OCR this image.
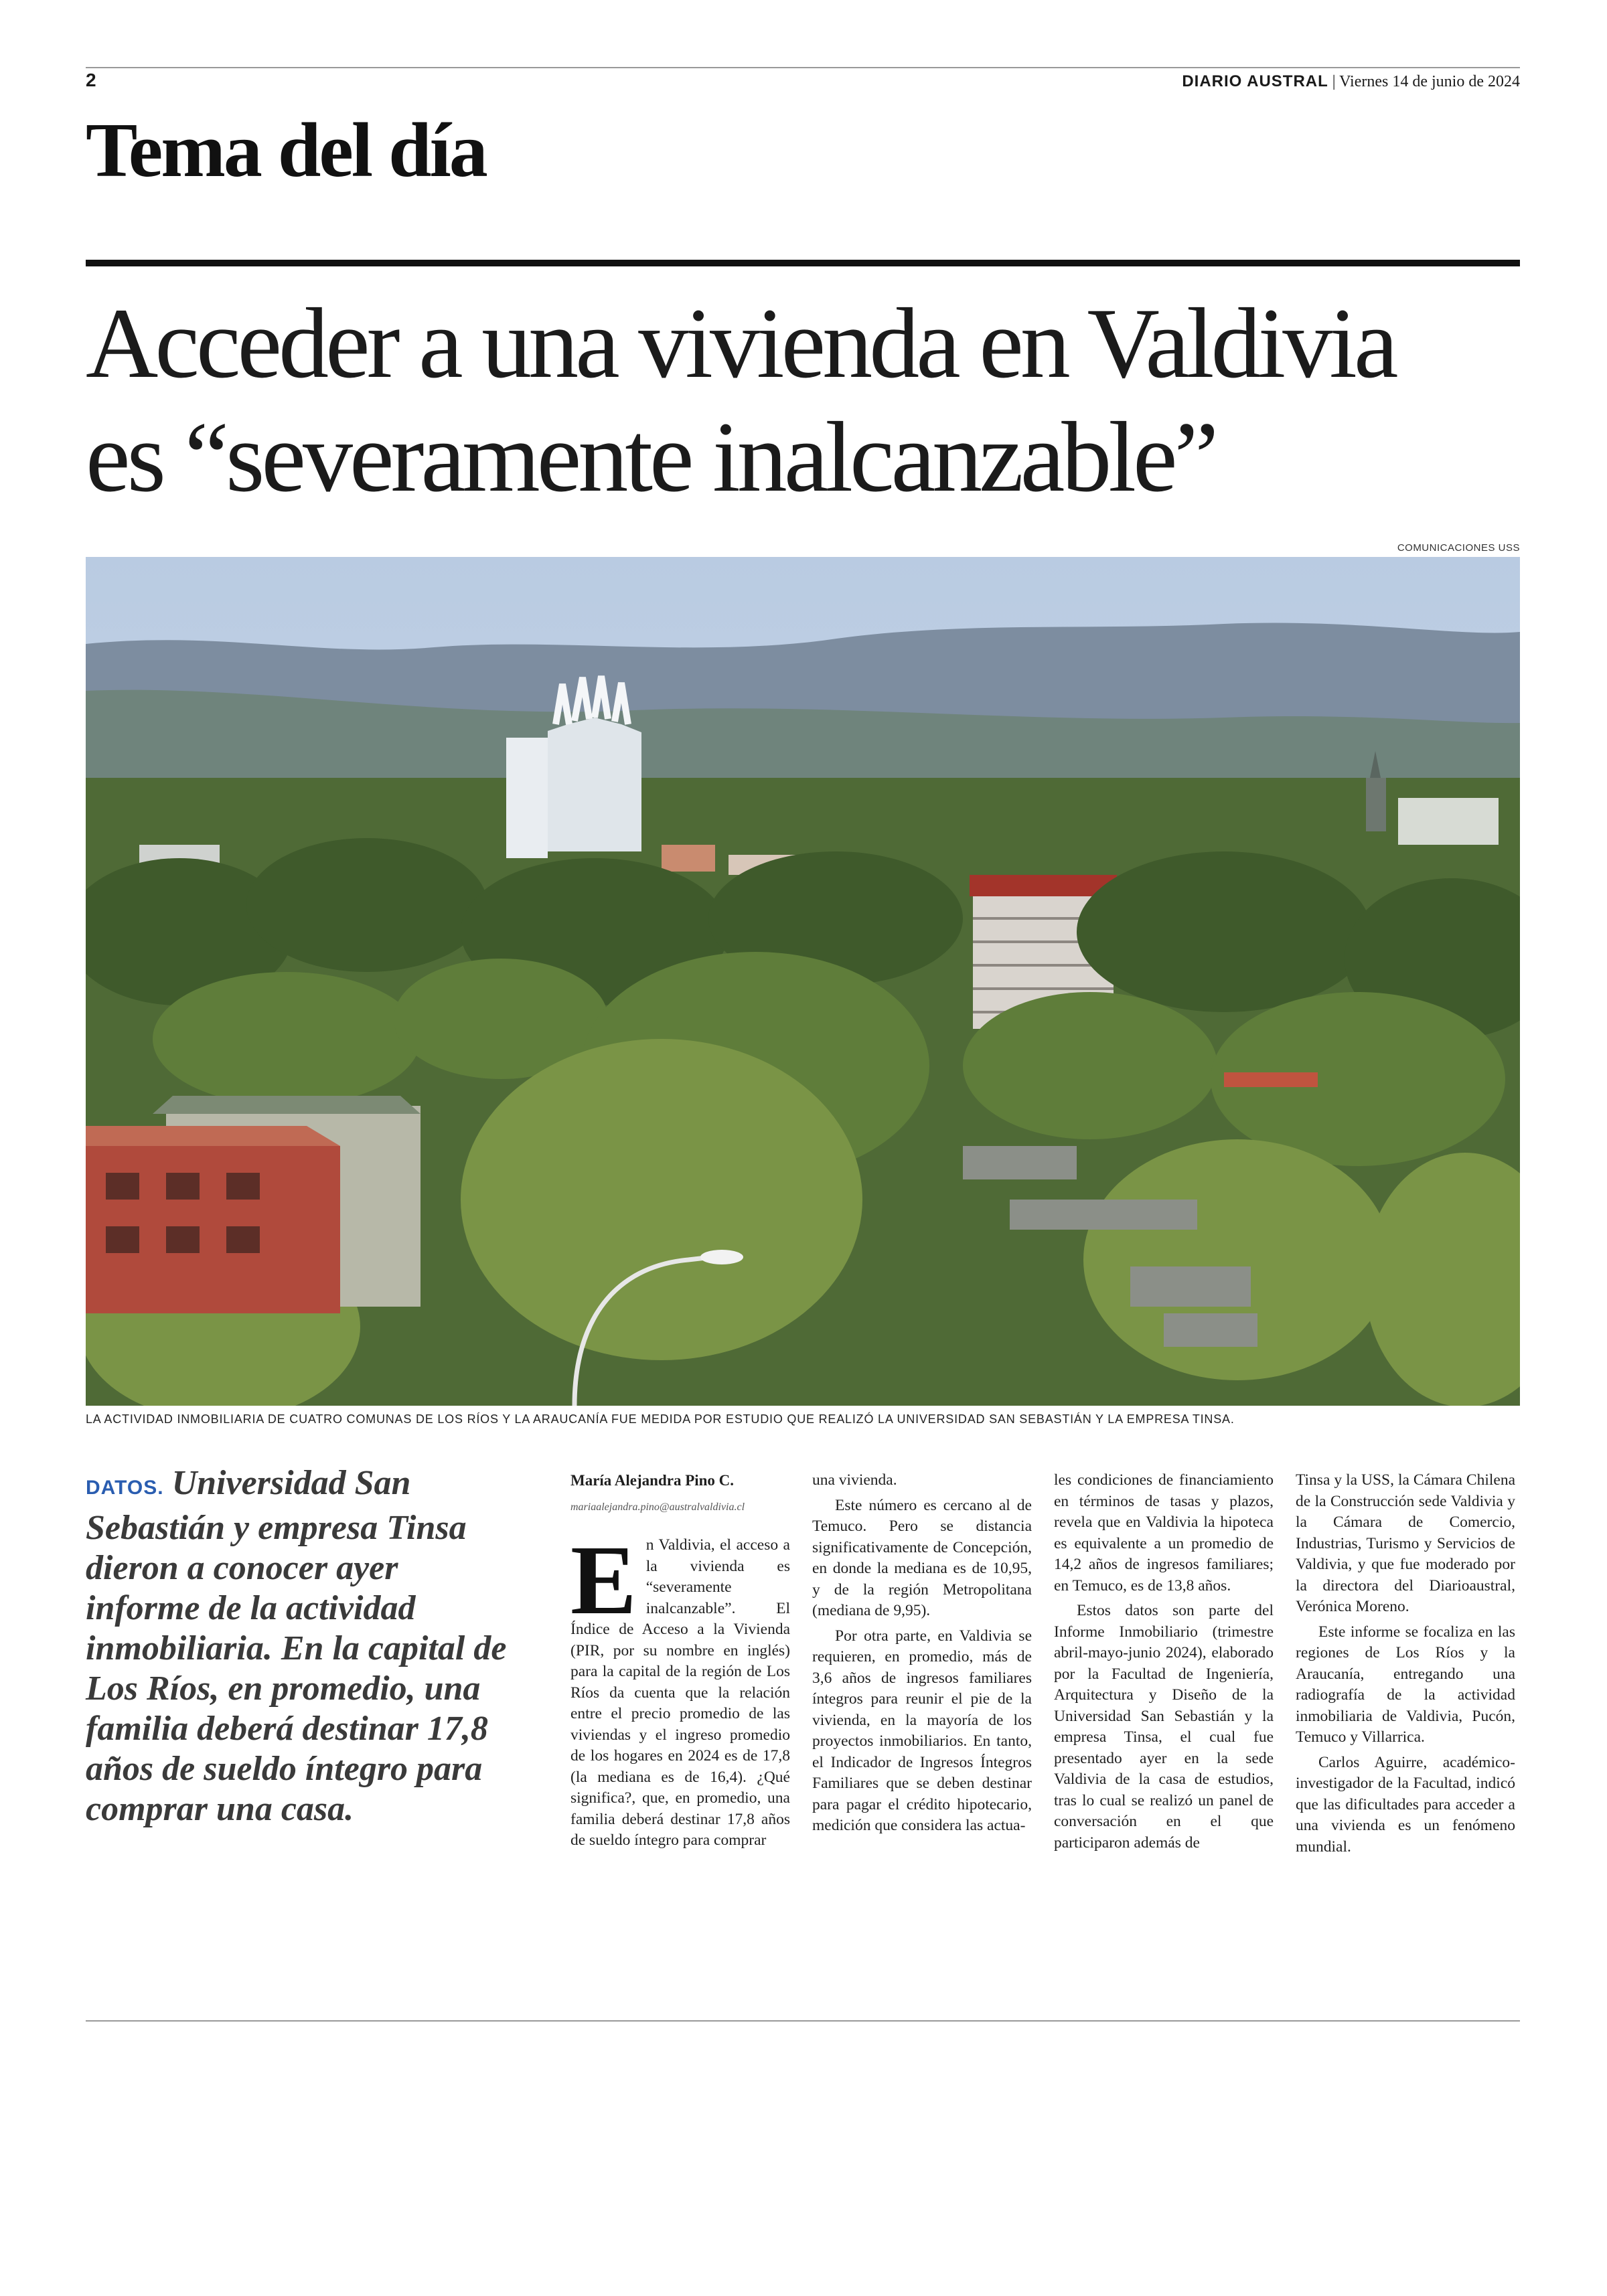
2	DIARIO AUSTRAL | Viernes 14 de junio de 2024
Tema del día
Acceder a una vivienda en Valdivia
es “severamente inalcanzable”
COMUNICACIONES USS
LA ACTIVIDAD INMOBILIARIA DE CUATRO COMUNAS DE LOS RÍOS Y LA ARAUCANÍA FUE MEDIDA POR ESTUDIO QUE REALIZÓ LA UNIVERSIDAD SAN SEBASTIÁN Y LA EMPRESA TINSA.
DATOS. Universidad San Sebastián y empresa Tinsa dieron a conocer ayer informe de la actividad inmobiliaria. En la capital de Los Ríos, en promedio, una familia deberá destinar 17,8 años de sueldo íntegro para comprar una casa.
María Alejandra Pino C.
mariaalejandra.pino@australvaldivia.cl

En Valdivia, el acceso a la vivienda es “severamente inalcanzable”. El Índice de Acceso a la Vivienda (PIR, por su nombre en inglés) para la capital de la región de Los Ríos da cuenta que la relación entre el precio promedio de las viviendas y el ingreso promedio de los hogares en 2024 es de 17,8 (la mediana es de 16,4). ¿Qué significa?, que, en promedio, una familia deberá destinar 17,8 años de sueldo íntegro para comprar

una vivienda.

Este número es cercano al de Temuco. Pero se distancia significativamente de Concepción, en donde la mediana es de 10,95, y de la región Metropolitana (mediana de 9,95).

Por otra parte, en Valdivia se requieren, en promedio, más de 3,6 años de ingresos familiares íntegros para reunir el pie de la vivienda, en la mayoría de los proyectos inmobiliarios. En tanto, el Indicador de Ingresos Íntegros Familiares que se deben destinar para pagar el crédito hipotecario, medición que considera las actua-

les condiciones de financiamiento en términos de tasas y plazos, revela que en Valdivia la hipoteca es equivalente a un promedio de 14,2 años de ingresos familiares; en Temuco, es de 13,8 años.

Estos datos son parte del Informe Inmobiliario (trimestre abril-mayo-junio 2024), elaborado por la Facultad de Ingeniería, Arquitectura y Diseño de la Universidad San Sebastián y la empresa Tinsa, el cual fue presentado ayer en la sede Valdivia de la casa de estudios, tras lo cual se realizó un panel de conversación en el que participaron además de

Tinsa y la USS, la Cámara Chilena de la Construcción sede Valdivia y la Cámara de Comercio, Industrias, Turismo y Servicios de Valdivia, y que fue moderado por la directora del Diarioaustral, Verónica Moreno.

Este informe se focaliza en las regiones de Los Ríos y la Araucanía, entregando una radiografía de la actividad inmobiliaria de Valdivia, Pucón, Temuco y Villarrica.

Carlos Aguirre, académico-investigador de la Facultad, indicó que las dificultades para acceder a una vivienda es un fenómeno mundial.
